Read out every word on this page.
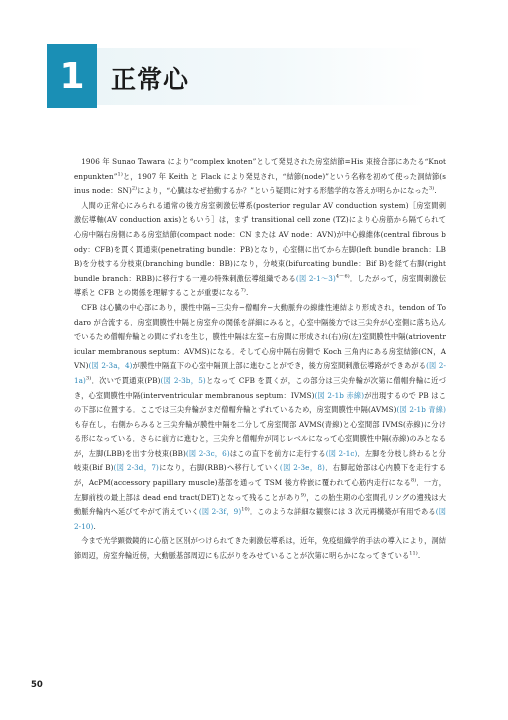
1	正常心

1906 年 Sunao Tawara により“complex knoten”として発見された房室結節=His 束接合部にあたる“Knotenpunkten”$^{1)}$と，1907 年 Keith と Flack により発見され，“結節(node)”という名称を初めて使った洞結節(sinus node：SN)$^{2)}$により，“心臓はなぜ拍動するか？”という疑問に対する形態学的な答えが明らかになった$^{3)}$.

人間の正常心にみられる通常の後方房室刺激伝導系(posterior regular AV conduction system)［房室間刺激伝導軸(AV conduction axis)ともいう］は，まず transitional cell zone (TZ)により心房筋から隔てられて心房中隔右房側にある房室結節(compact node：CN または AV node：AVN)が中心線維体(central fibrous body：CFB)を貫く貫通束(penetrating bundle：PB)となり，心室側に出てから左脚(left bundle branch：LBB)を分枝する分枝束(branching bundle：BB)になり，分岐束(bifurcating bundle：Bif B)を経て右脚(right bundle branch：RBB)に移行する一連の特殊刺激伝導組織である(図 2-1～3)$^{4\sim 6)}$．したがって，房室間刺激伝導系と CFB との関係を理解することが重要になる$^{7)}$.

CFB は心臓の中心部にあり，膜性中隔−三尖弁−僧帽弁−大動脈弁の線維性連結より形成され，tendon of Todaro が合流する．房室間膜性中隔と房室弁の関係を詳細にみると，心室中隔後方では三尖弁が心室側に落ち込んでいるため僧帽弁輪との間にずれを生じ，膜性中隔は左室−右房間に形成され(右)房(左)室間膜性中隔(atrioventricular membranous septum：AVMS)になる．そして心房中隔右房側で Koch 三角内にある房室結節(CN，AVN)(図 2-3a，4)が膜性中隔直下の心室中隔頂上部に進むことができ，後方房室間刺激伝導路ができあがる(図 2-1a)$^{3)}$．次いで貫通束(PB)(図 2-3b，5)となって CFB を貫くが，この部分は三尖弁輪が次第に僧帽弁輪に近づき，心室間膜性中隔(interventricular membranous septum：IVMS)(図 2-1b 赤線)が出現するので PB はこの下部に位置する．ここでは三尖弁輪がまだ僧帽弁輪とずれているため，房室間膜性中隔(AVMS)(図 2-1b 青線)も存在し，右側からみると三尖弁輪が膜性中隔を二分して房室間部 AVMS(青線)と心室間部 IVMS(赤線)に分ける形になっている．さらに前方に進むと，三尖弁と僧帽弁が同じレベルになって心室間膜性中隔(赤線)のみとなるが，左脚(LBB)を出す分枝束(BB)(図 2-3c，6)はこの直下を前方に走行する(図 2-1c)．左脚を分枝し終わると分岐束(Bif B)(図 2-3d，7)になり，右脚(RBB)へ移行していく(図 2-3e，8)．右脚起始部は心内膜下を走行するが，AcPM(accessory papillary muscle)基部を通って TSM 後方枠嵌に覆われて心筋内走行になる$^{8)}$．一方，左脚前枝の最上部は dead end tract(DET)となって残ることがあり$^{9)}$，この胎生期の心室間孔リングの遺残は大動脈弁輪内へ延びてやがて消えていく(図 2-3f，9)$^{10)}$．このような詳細な観察には 3 次元再構築が有用である(図 2-10).

今まで光学顕微鏡的に心筋と区別がつけられてきた刺激伝導系は，近年，免疫組織学的手法の導入により，洞結節周辺，房室弁輪近傍，大動脈基部周辺にも広がりをみせていることが次第に明らかになってきている$^{11)}$.

50
